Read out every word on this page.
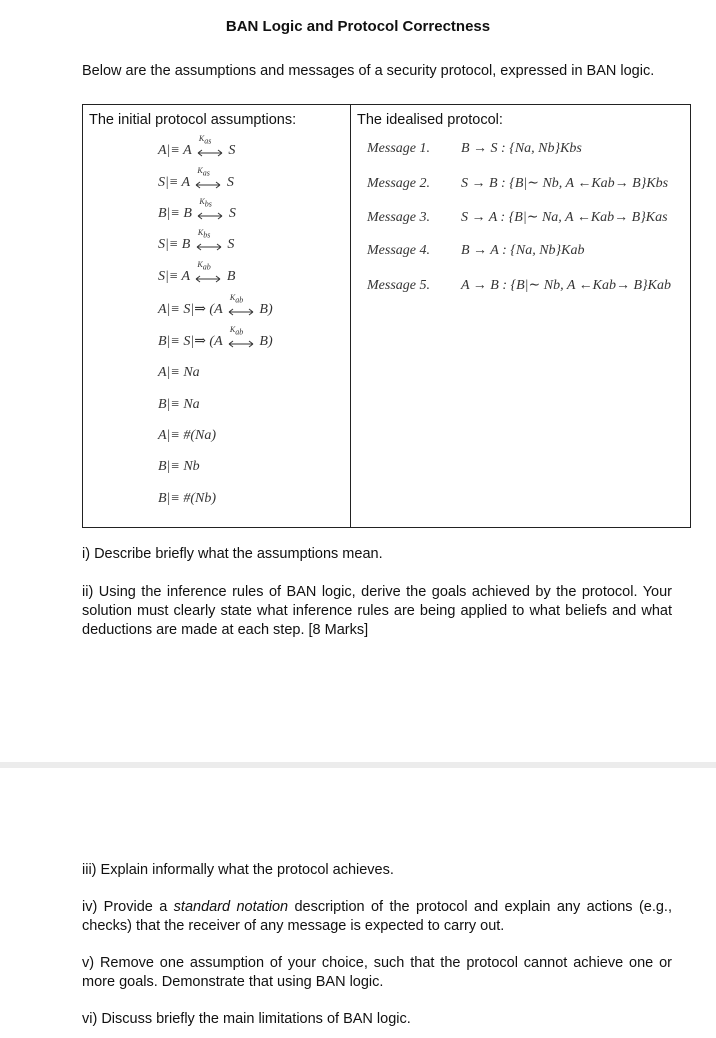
BAN Logic and Protocol Correctness
Below are the assumptions and messages of a security protocol, expressed in BAN logic.
The initial protocol assumptions:	The idealised protocol:
A|≡ A
$K_{as}$
S
S|≡ A
$K_{as}$
S
B|≡ B
$K_{bs}$
S
S|≡ B
$K_{bs}$
S
S|≡ A
$K_{ab}$
B
A|≡ S|⇒ (A
$K_{ab}$
B)
B|≡ S|⇒ (A
$K_{ab}$
B)
A|≡ Na
B|≡ Na
A|≡ #(Na)
B|≡ Nb
B|≡ #(Nb)
Message 1. B → S : {Na, Nb}Kbs
Message 2. S → B : {B|∼ Nb, A ←Kab→ B}Kbs
Message 3. S → A : {B|∼ Na, A ←Kab→ B}Kas
Message 4. B → A : {Na, Nb}Kab
Message 5. A → B : {B|∼ Nb, A ←Kab→ B}Kab
i) Describe briefly what the assumptions mean.
ii) Using the inference rules of BAN logic, derive the goals achieved by the protocol. Your solution must clearly state what inference rules are being applied to what beliefs and what deductions are made at each step. [8 Marks]
iii) Explain informally what the protocol achieves.
iv) Provide a standard notation description of the protocol and explain any actions (e.g., checks) that the receiver of any message is expected to carry out.
v) Remove one assumption of your choice, such that the protocol cannot achieve one or more goals. Demonstrate that using BAN logic.
vi) Discuss briefly the main limitations of BAN logic.
